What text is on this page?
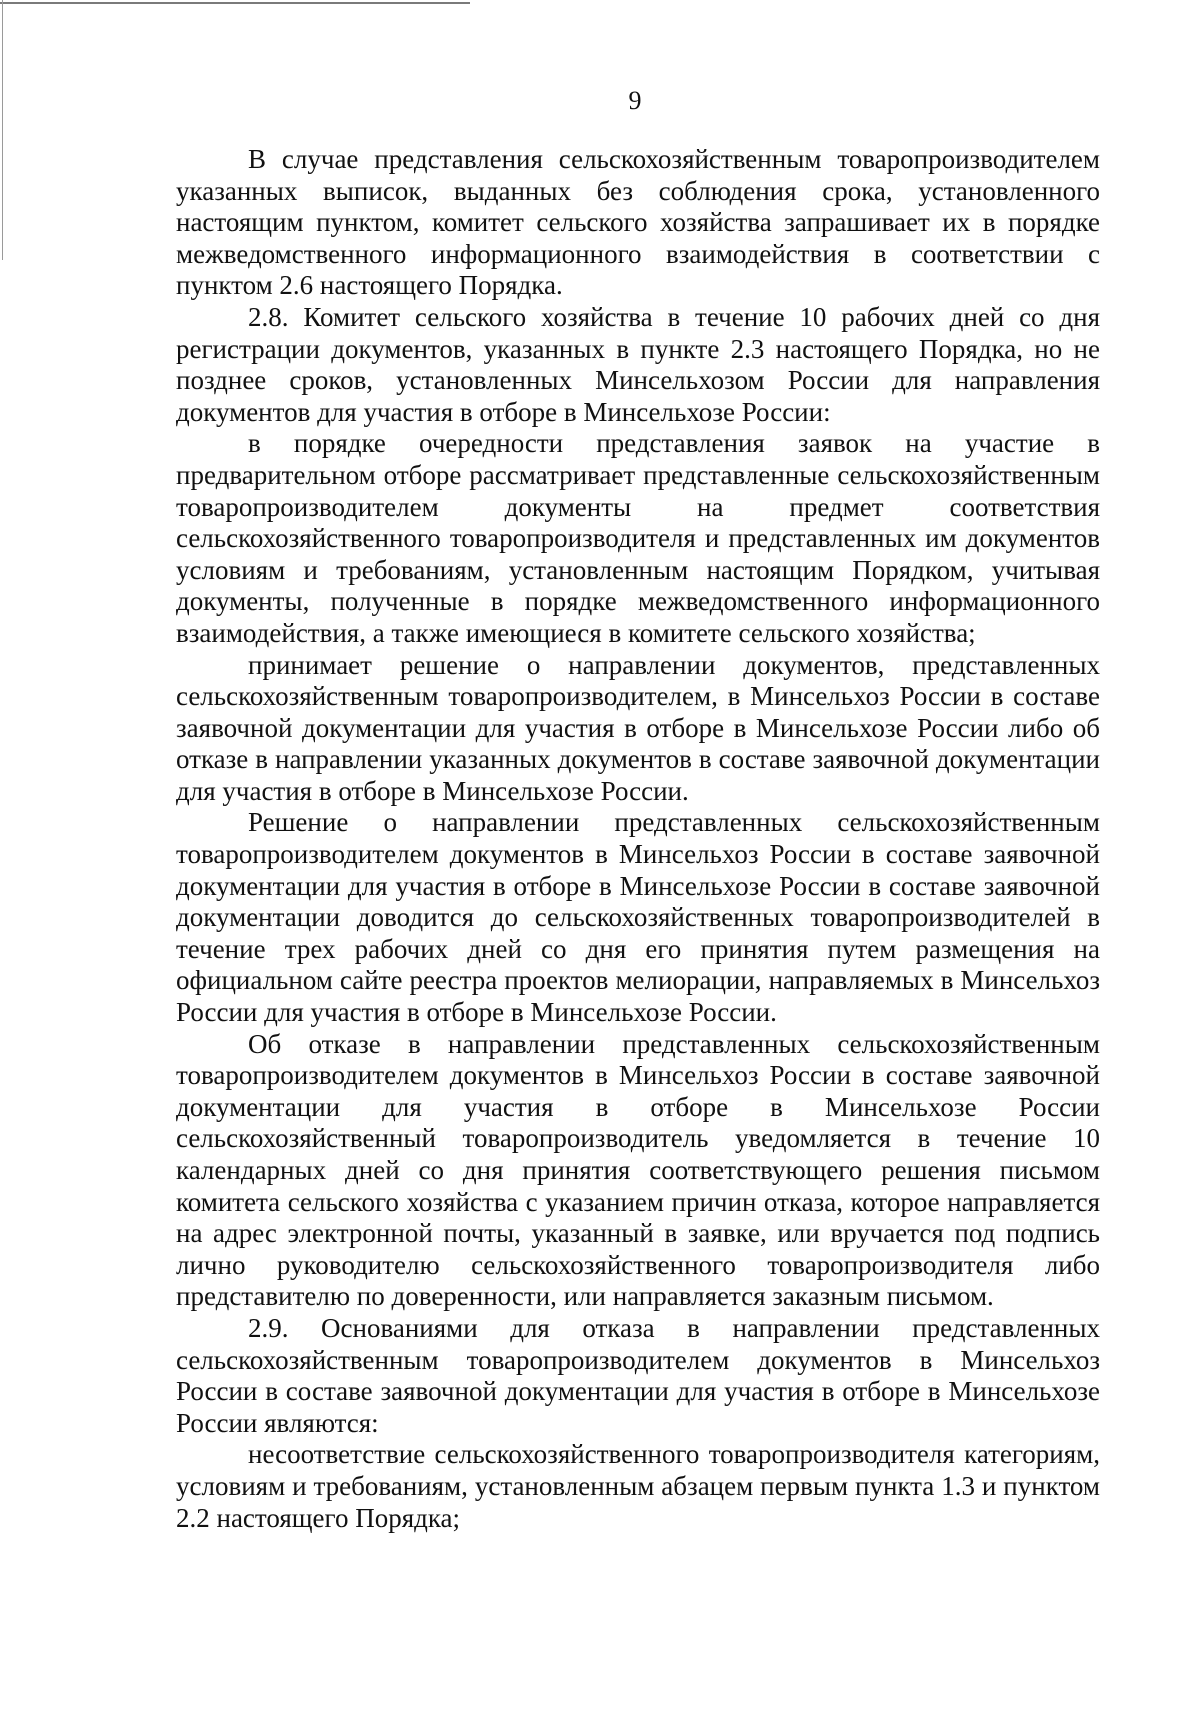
9

В случае представления сельскохозяйственным товаропроизводителем указанных выписок, выданных без соблюдения срока, установленного настоящим пунктом, комитет сельского хозяйства запрашивает их в порядке межведомственного информационного взаимодействия в соответствии с пунктом 2.6 настоящего Порядка.

2.8. Комитет сельского хозяйства в течение 10 рабочих дней со дня регистрации документов, указанных в пункте 2.3 настоящего Порядка, но не позднее сроков, установленных Минсельхозом России для направления документов для участия в отборе в Минсельхозе России:

в порядке очередности представления заявок на участие в предварительном отборе рассматривает представленные сельскохозяйственным товаропроизводителем документы на предмет соответствия сельскохозяйственного товаропроизводителя и представленных им документов условиям и требованиям, установленным настоящим Порядком, учитывая документы, полученные в порядке межведомственного информационного взаимодействия, а также имеющиеся в комитете сельского хозяйства;

принимает решение о направлении документов, представленных сельскохозяйственным товаропроизводителем, в Минсельхоз России в составе заявочной документации для участия в отборе в Минсельхозе России либо об отказе в направлении указанных документов в составе заявочной документации для участия в отборе в Минсельхозе России.

Решение о направлении представленных сельскохозяйственным товаропроизводителем документов в Минсельхоз России в составе заявочной документации для участия в отборе в Минсельхозе России в составе заявочной документации доводится до сельскохозяйственных товаропроизводителей в течение трех рабочих дней со дня его принятия путем размещения на официальном сайте реестра проектов мелиорации, направляемых в Минсельхоз России для участия в отборе в Минсельхозе России.

Об отказе в направлении представленных сельскохозяйственным товаропроизводителем документов в Минсельхоз России в составе заявочной документации для участия в отборе в Минсельхозе России сельскохозяйственный товаропроизводитель уведомляется в течение 10 календарных дней со дня принятия соответствующего решения письмом комитета сельского хозяйства с указанием причин отказа, которое направляется на адрес электронной почты, указанный в заявке, или вручается под подпись лично руководителю сельскохозяйственного товаропроизводителя либо представителю по доверенности, или направляется заказным письмом.

2.9. Основаниями для отказа в направлении представленных сельскохозяйственным товаропроизводителем документов в Минсельхоз России в составе заявочной документации для участия в отборе в Минсельхозе России являются:

несоответствие сельскохозяйственного товаропроизводителя категориям, условиям и требованиям, установленным абзацем первым пункта 1.3 и пунктом 2.2 настоящего Порядка;
